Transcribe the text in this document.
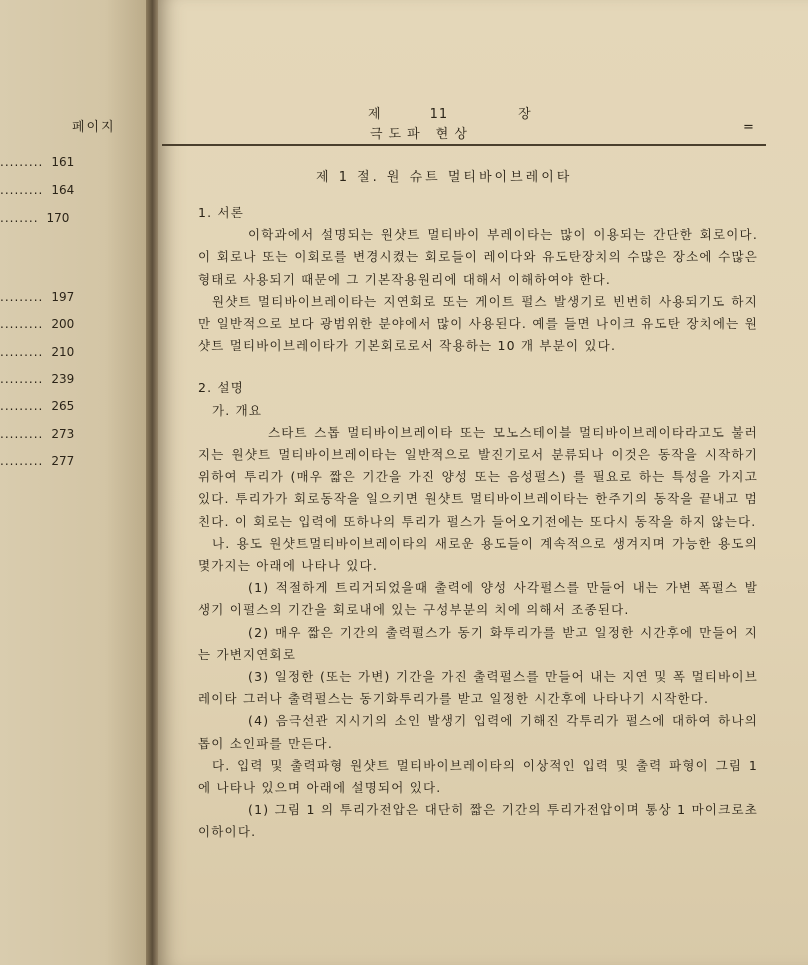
페이지
......... 161
......... 164
........ 170
......... 197
......... 200
......... 210
......... 239
......... 265
......... 273
......... 277
제	11	장
극도파 현상	=
제 1 절. 원 슈트 멀티바이브레이타

1. 서론

이학과에서 설명되는 원샷트 멀티바이 부레이타는 많이 이용되는 간단한 회로이다. 이 회로나 또는 이회로를 변경시켰는 회로들이 레이다와 유도탄장치의 수많은 장소에 수많은 형태로 사용되기 때문에 그 기본작용원리에 대해서 이해하여야 한다.

원샷트 멀티바이브레이타는 지연회로 또는 게이트 펄스 발생기로 빈번히 사용되기도 하지만 일반적으로 보다 광범위한 분야에서 많이 사용된다. 예를 들면 나이크 유도탄 장치에는 원샷트 멀티바이브레이타가 기본회로로서 작용하는 10 개 부분이 있다.

2. 설명

가. 개요

스타트 스톱 멀티바이브레이타 또는 모노스테이블 멀티바이브레이타라고도 불러지는 원샷트 멀티바이브레이타는 일반적으로 발진기로서 분류되나 이것은 동작을 시작하기 위하여 투리가 (매우 짧은 기간을 가진 양성 또는 음성펄스) 를 필요로 하는 특성을 가지고 있다. 투리가가 회로동작을 일으키면 원샷트 멀티바이브레이타는 한주기의 동작을 끝내고 멈친다. 이 회로는 입력에 또하나의 투리가 펄스가 들어오기전에는 또다시 동작을 하지 않는다.

나. 용도 원샷트멀티바이브레이타의 새로운 용도들이 계속적으로 생겨지며 가능한 용도의 몇가지는 아래에 나타나 있다.

(1) 적절하게 트리거되었을때 출력에 양성 사각펄스를 만들어 내는 가변 폭펄스 발생기 이펄스의 기간을 회로내에 있는 구성부분의 치에 의해서 조종된다.

(2) 매우 짧은 기간의 출력펄스가 동기 화투리가를 받고 일정한 시간후에 만들어 지는 가변지연회로

(3) 일정한 (또는 가변) 기간을 가진 출력펄스를 만들어 내는 지연 및 폭 멀티바이브 레이타 그러나 출력펄스는 동기화투리가를 받고 일정한 시간후에 나타나기 시작한다.

(4) 음극선관 지시기의 소인 발생기 입력에 기해진 각투리가 펄스에 대하여 하나의 톱이 소인파를 만든다.

다. 입력 및 출력파형 원샷트 멀티바이브레이타의 이상적인 입력 및 출력 파형이 그림 1 에 나타나 있으며 아래에 설명되어 있다.

(1) 그림 1 의 투리가전압은 대단히 짧은 기간의 투리가전압이며 통상 1 마이크로초 이하이다.
